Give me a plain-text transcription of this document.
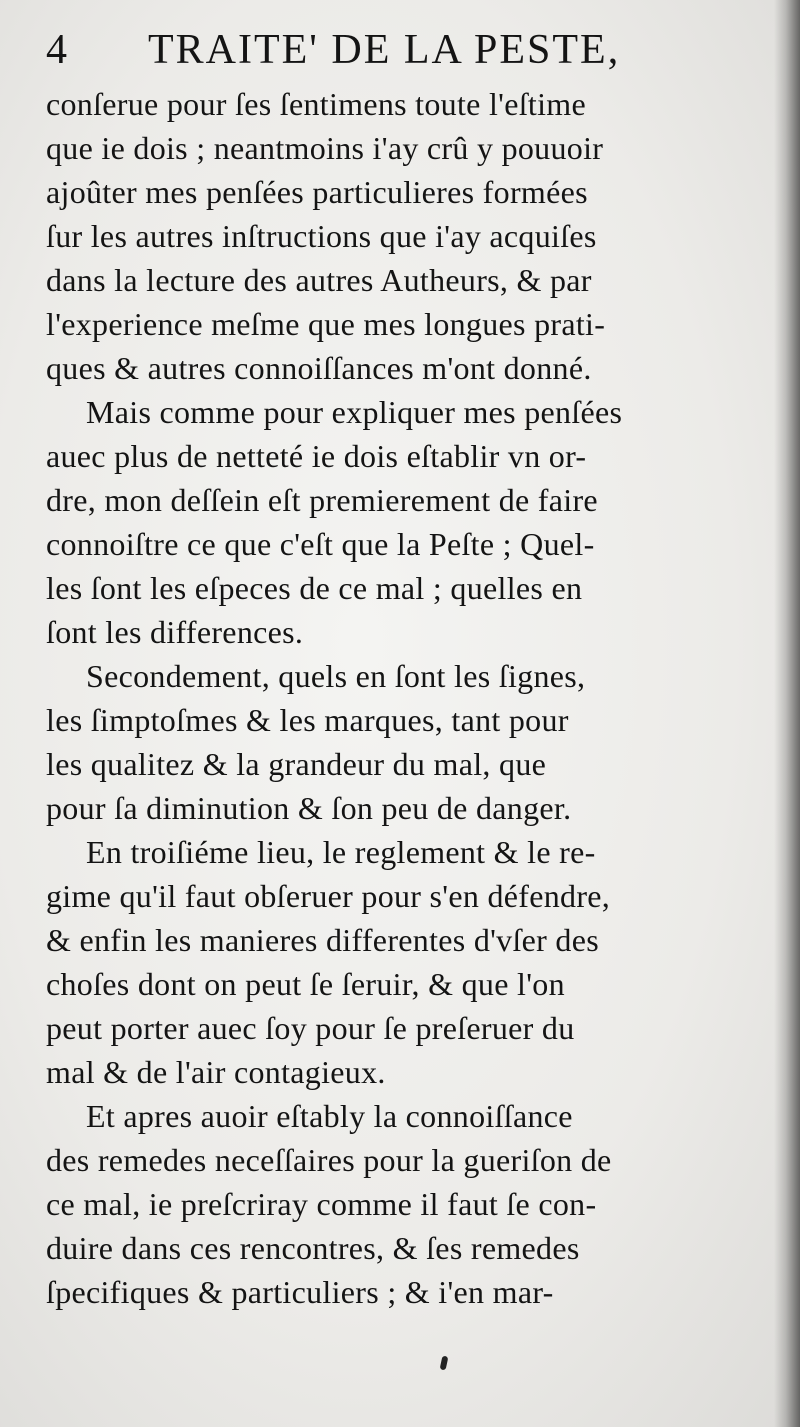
4 TRAITE' DE LA PESTE,
conſerue pour ſes ſentimens toute l'eſtime
que ie dois ; neantmoins i'ay crû y pouuoir
ajoûter mes penſées particulieres formées
ſur les autres inſtructions que i'ay acquiſes
dans la lecture des autres Autheurs, & par
l'experience meſme que mes longues prati-
ques & autres connoiſſances m'ont donné.
Mais comme pour expliquer mes penſées
auec plus de netteté ie dois eſtablir vn or-
dre, mon deſſein eſt premierement de faire
connoiſtre ce que c'eſt que la Peſte ; Quel-
les ſont les eſpeces de ce mal ; quelles en
ſont les differences.
Secondement, quels en ſont les ſignes,
les ſimptoſmes & les marques, tant pour
les qualitez & la grandeur du mal, que
pour ſa diminution & ſon peu de danger.
En troiſiéme lieu, le reglement & le re-
gime qu'il faut obſeruer pour s'en défendre,
& enfin les manieres differentes d'vſer des
choſes dont on peut ſe ſeruir, & que l'on
peut porter auec ſoy pour ſe preſeruer du
mal & de l'air contagieux.
Et apres auoir eſtably la connoiſſance
des remedes neceſſaires pour la gueriſon de
ce mal, ie preſcriray comme il faut ſe con-
duire dans ces rencontres, & ſes remedes
ſpecifiques & particuliers ; & i'en mar-
